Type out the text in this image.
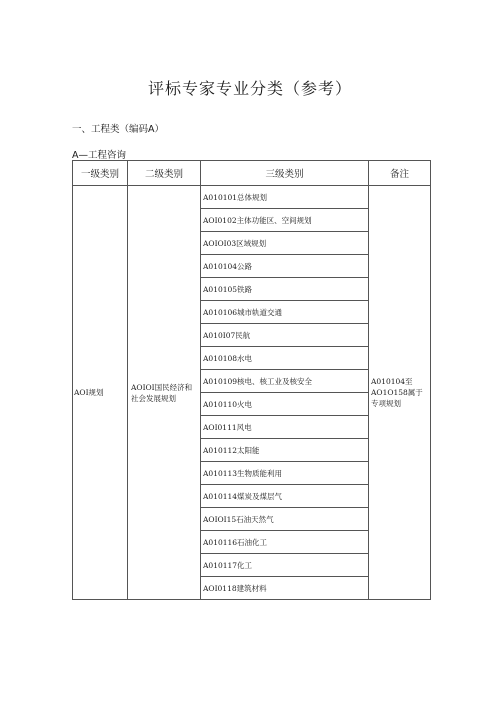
评标专家专业分类（参考）

一、工程类（编码A）

A—工程咨询

一级类别	二级类别	三级类别	备注
AOI规划	AOIOI国民经济和社会发展规划	A010101总体规划	A010104至AO1O158属于专项规划
		AOI0102主体功能区、空间规划	
		AOIOI03区域规划	
		A010104公路	
		A010105铁路	
		A010106城市轨道交通	
		A010I07民航	
		A010108水电	
		A010109核电、核工业及核安全	
		A010110火电	
		AOI0111风电	
		A010112太阳能	
		A010113生物质能利用	
		A010114煤炭及煤层气	
		AOIOI15石油天然气	
		A010116石油化工	
		A010117化工	
		AOI0118建筑材料	
